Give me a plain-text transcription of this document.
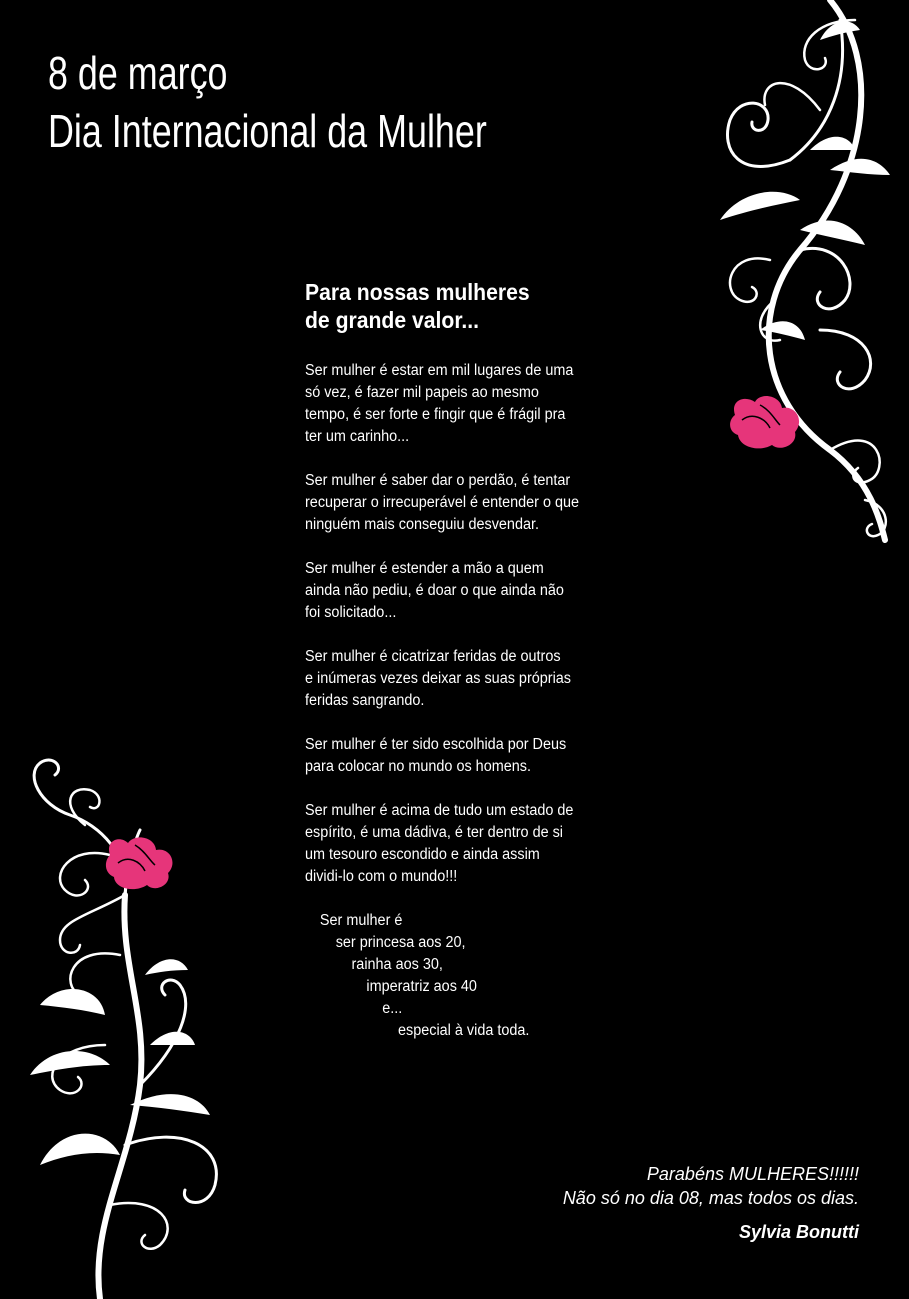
8 de março
Dia Internacional da Mulher
Para nossas mulheres
de grande valor...
Ser mulher é estar em mil lugares de uma
só vez, é fazer mil papeis ao mesmo
tempo, é ser forte e fingir que é frágil pra
ter um carinho...
Ser mulher é saber dar o perdão, é tentar
recuperar o irrecuperável é entender o que
ninguém mais conseguiu desvendar.
Ser mulher é estender a mão a quem
ainda não pediu, é doar o que ainda não
foi solicitado...
Ser mulher é cicatrizar feridas de outros
e inúmeras vezes deixar as suas próprias
feridas sangrando.
Ser mulher é ter sido escolhida por Deus
para colocar no mundo os homens.
Ser mulher é acima de tudo um estado de
espírito, é uma dádiva, é ter dentro de si
um tesouro escondido e ainda assim
dividi-lo com o mundo!!!
Ser mulher é
ser princesa aos 20,
rainha aos 30,
imperatriz aos 40
e...
especial à vida toda.
Parabéns MULHERES!!!!!!
Não só no dia 08, mas todos os dias.
Sylvia Bonutti
